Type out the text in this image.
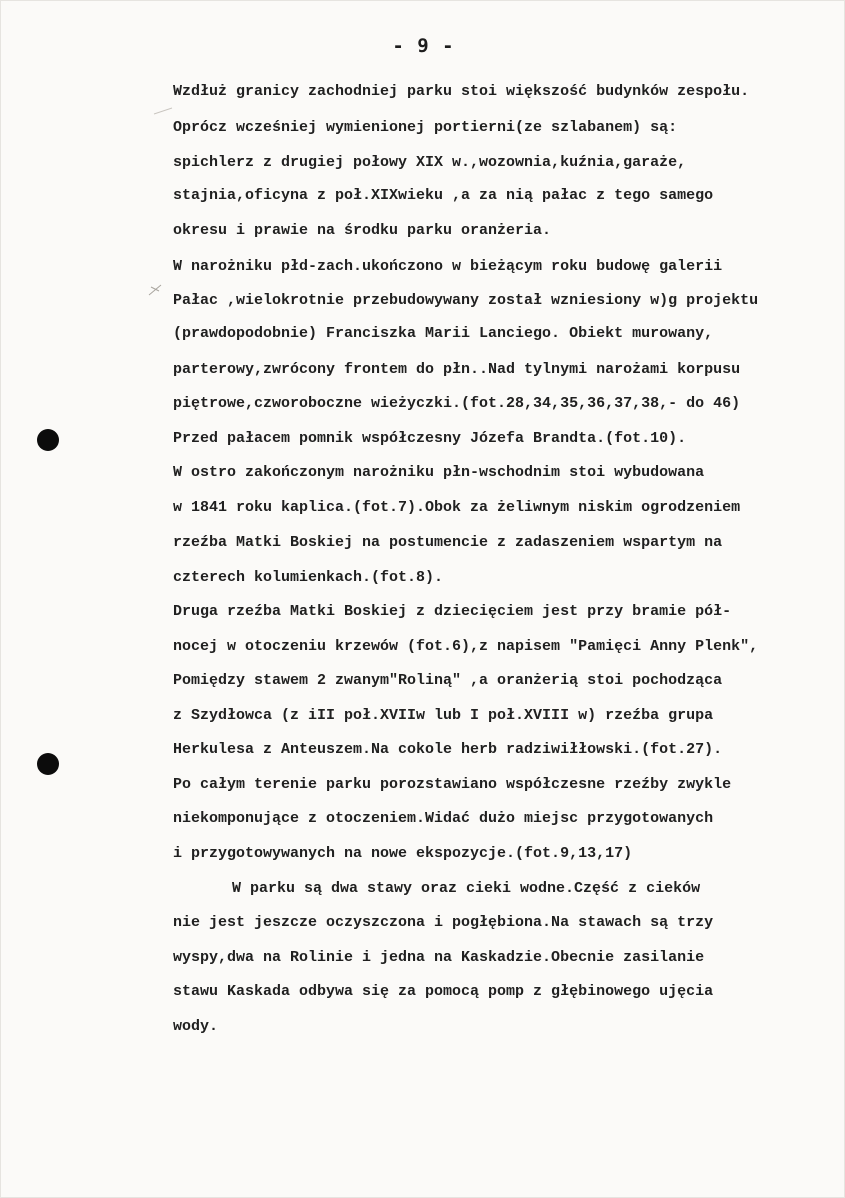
- 9 -
Wzdłuż granicy zachodniej parku stoi większość budynków zespołu.
Oprócz wcześniej wymienionej portierni(ze szlabanem) są:
spichlerz z drugiej połowy XIX w.,wozownia,kuźnia,garaże,
stajnia,oficyna z poł.XIXwieku ,a za nią pałac z tego samego
okresu i prawie na środku parku oranżeria.
W narożniku płd-zach.ukończono w bieżącym roku budowę galerii
Pałac ,wielokrotnie przebudowywany został wzniesiony w)g projektu
(prawdopodobnie) Franciszka Marii Lanciego. Obiekt murowany,
parterowy,zwrócony frontem do płn..Nad tylnymi narożami korpusu
piętrowe,czworoboczne wieżyczki.(fot.28,34,35,36,37,38,- do 46)
Przed pałacem pomnik współczesny Józefa Brandta.(fot.10).
W ostro zakończonym narożniku płn-wschodnim stoi wybudowana
w 1841 roku kaplica.(fot.7).Obok za żeliwnym niskim ogrodzeniem
rzeźba Matki Boskiej na postumencie z zadaszeniem wspartym na
czterech kolumienkach.(fot.8).
Druga rzeźba Matki Boskiej z dziecięciem jest przy bramie pół-
nocej w otoczeniu krzewów (fot.6),z napisem "Pamięci Anny Plenk",
Pomiędzy stawem 2 zwanym"Roliną" ,a oranżerią stoi pochodząca
z Szydłowca (z iII poł.XVIIw lub I poł.XVIII w) rzeźba grupa
Herkulesa z Anteuszem.Na cokole herb radziwiłłowski.(fot.27).
Po całym terenie parku porozstawiano współczesne rzeźby zwykle
niekomponujące z otoczeniem.Widać dużo miejsc przygotowanych
i przygotowywanych na nowe ekspozycje.(fot.9,13,17)
W parku są dwa stawy oraz cieki wodne.Część z cieków
nie jest jeszcze oczyszczona i pogłębiona.Na stawach są trzy
wyspy,dwa na Rolinie i jedna na Kaskadzie.Obecnie zasilanie
stawu Kaskada odbywa się za pomocą pomp z głębinowego ujęcia
wody.
